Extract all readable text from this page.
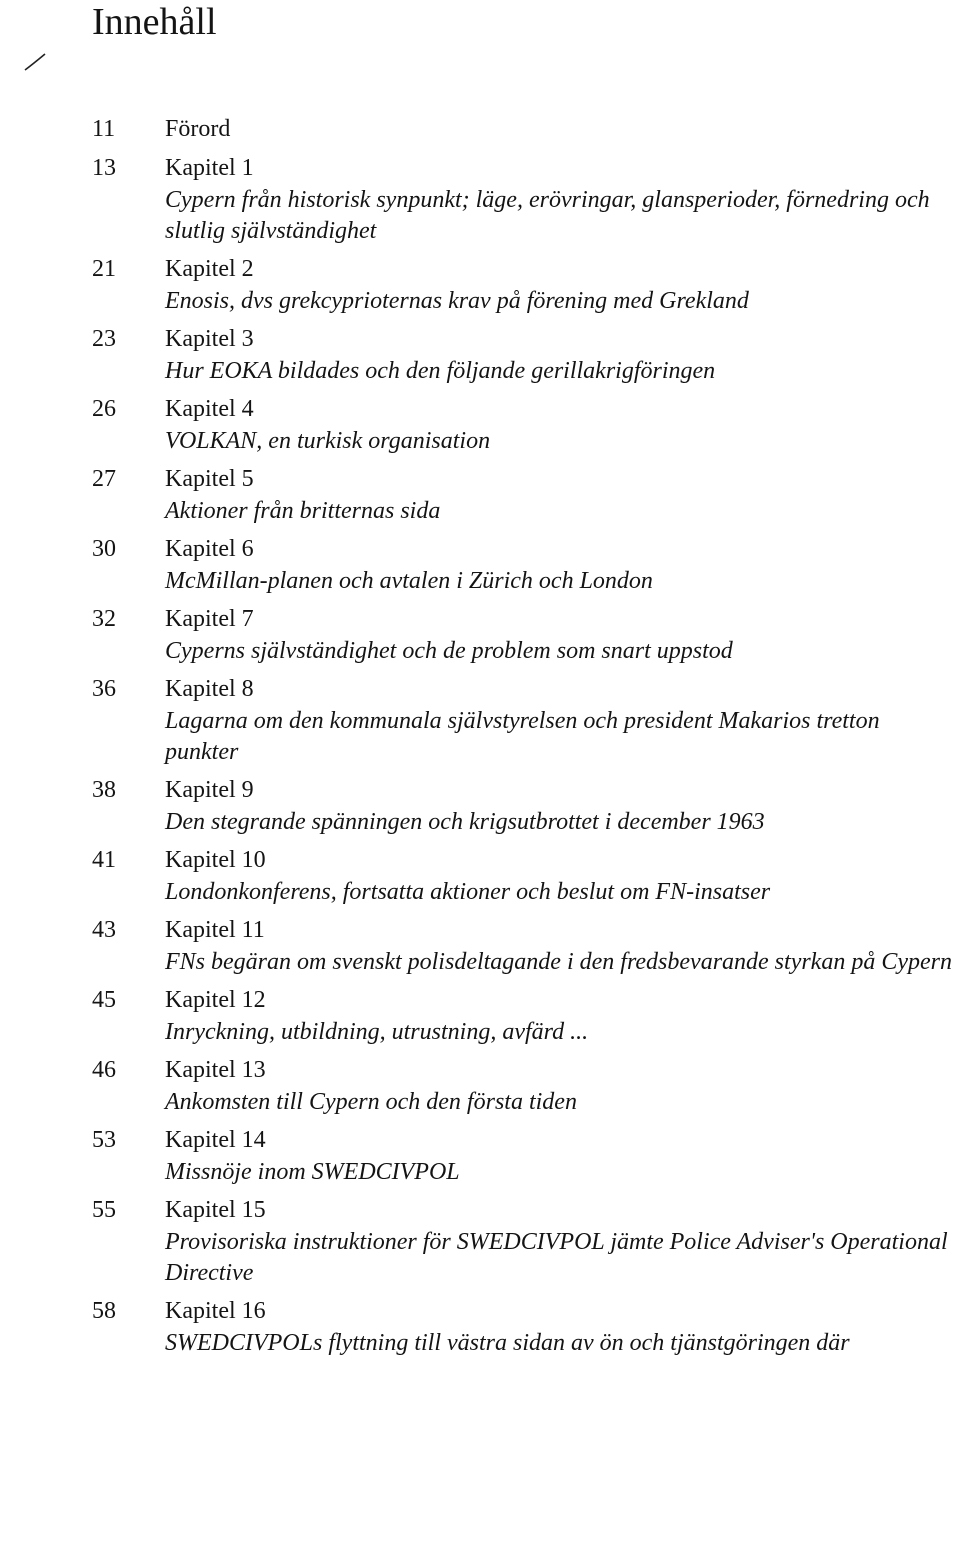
Innehåll
11	Förord
13	Kapitel 1
Cypern från historisk synpunkt; läge, erövringar, glansperioder, förnedring och slutlig självständighet
21	Kapitel 2
Enosis, dvs grekcyprioternas krav på förening med Grekland
23	Kapitel 3
Hur EOKA bildades och den följande gerillakrigföringen
26	Kapitel 4
VOLKAN, en turkisk organisation
27	Kapitel 5
Aktioner från britternas sida
30	Kapitel 6
McMillan-planen och avtalen i Zürich och London
32	Kapitel 7
Cyperns självständighet och de problem som snart uppstod
36	Kapitel 8
Lagarna om den kommunala självstyrelsen och president Makarios tretton punkter
38	Kapitel 9
Den stegrande spänningen och krigsutbrottet i december 1963
41	Kapitel 10
Londonkonferens, fortsatta aktioner och beslut om FN-insatser
43	Kapitel 11
FNs begäran om svenskt polisdeltagande i den fredsbevarande styrkan på Cypern
45	Kapitel 12
Inryckning, utbildning, utrustning, avfärd ...
46	Kapitel 13
Ankomsten till Cypern och den första tiden
53	Kapitel 14
Missnöje inom SWEDCIVPOL
55	Kapitel 15
Provisoriska instruktioner för SWEDCIVPOL jämte Police Adviser's Operational Directive
58	Kapitel 16
SWEDCIVPOLs flyttning till västra sidan av ön och tjänstgöringen där
